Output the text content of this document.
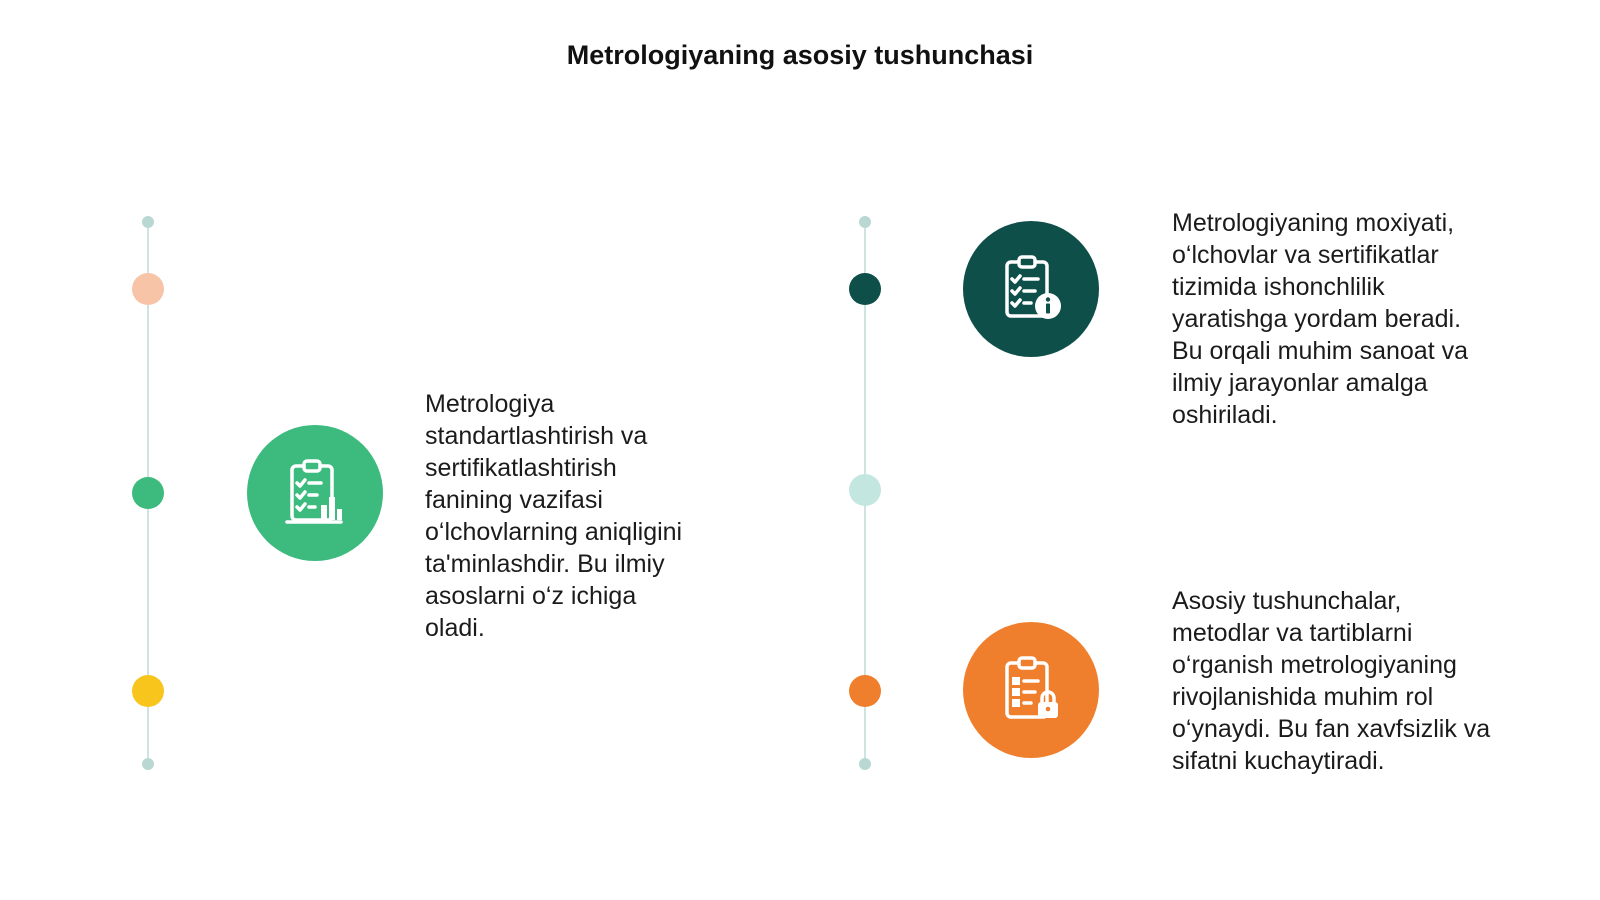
Metrologiyaning asosiy tushunchasi
Metrologiya
standartlashtirish va
sertifikatlashtirish
fanining vazifasi
o‘lchovlarning aniqligini
ta'minlashdir. Bu ilmiy
asoslarni o‘z ichiga
oladi.
Metrologiyaning moxiyati,
o‘lchovlar va sertifikatlar
tizimida ishonchlilik
yaratishga yordam beradi.
Bu orqali muhim sanoat va
ilmiy jarayonlar amalga
oshiriladi.
Asosiy tushunchalar,
metodlar va tartiblarni
o‘rganish metrologiyaning
rivojlanishida muhim rol
o‘ynaydi. Bu fan xavfsizlik va
sifatni kuchaytiradi.
